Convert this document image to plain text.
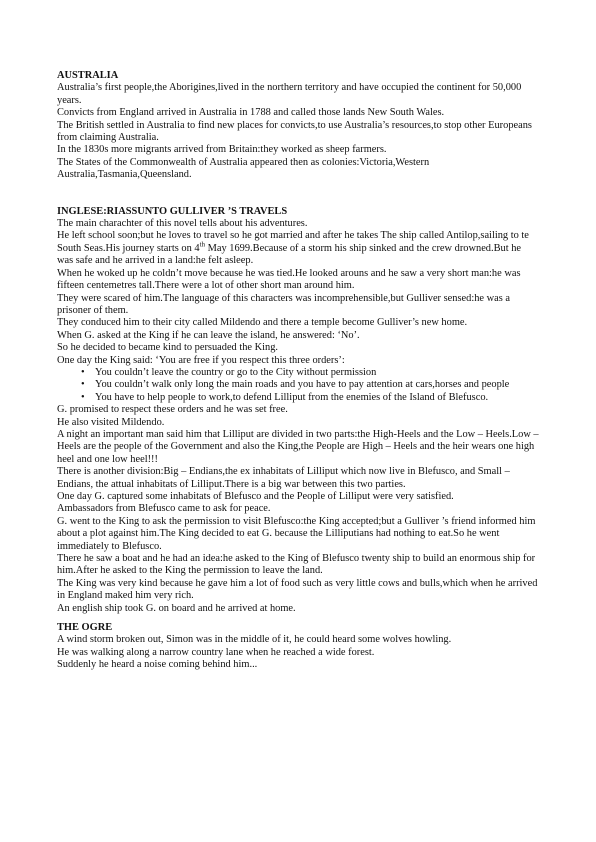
AUSTRALIA

Australia’s first people,the Aborigines,lived in the northern territory and have occupied the continent for 50,000 years.

Convicts from England arrived in Australia in 1788 and called those lands New South Wales.

The British settled in Australia to find new places for convicts,to use Australia’s resources,to stop other Europeans from claiming Australia.

In the 1830s more migrants arrived from Britain:they worked as sheep farmers.

The States of the Commonwealth of Australia appeared then as colonies:Victoria,Western Australia,Tasmania,Queensland.

INGLESE:RIASSUNTO GULLIVER ’S TRAVELS

The main charachter of this novel tells about his adventures.

He left school soon;but he loves to travel so he got married and after he takes The ship called Antilop,sailing to te South Seas.His journey starts on 4th May 1699.Because of a storm his ship sinked and the crew drowned.But he was safe and he arrived in a land:he felt asleep.

When he woked up he coldn’t move because he was tied.He looked arouns and he saw a very short man:he was fifteen centemetres tall.There were a lot of other short man around him.

They were scared of him.The language of this characters was incomprehensible,but Gulliver sensed:he was a prisoner of them.

They conduced him to their city called Mildendo and there a temple become Gulliver’s new home.

When G. asked at the King if he can leave the island, he answered: ‘No’.

So he decided to became kind to persuaded the King.

One day the King said: ‘You are free if you respect this three orders’:

• You couldn’t leave the country or go to the City without permission
• You couldn’t walk only long the main roads and you have to pay attention at cars,horses and people
• You have to help people to work,to defend Lilliput from the enemies of the Island of Blefusco.

G. promised to respect these orders and he was set free.

He also visited Mildendo.

A night an important man said him that Lilliput are divided in two parts:the High-Heels and the Low – Heels.Low – Heels are the people of the Government and also the King,the People are High – Heels and the heir wears one high heel and one low heel!!!

There is another division:Big – Endians,the ex inhabitats of Lilliput which now live in Blefusco, and Small – Endians, the attual inhabitats of Lilliput.There is a big war between this two parties.

One day G. captured some inhabitats of Blefusco and the People of Lilliput were very satisfied.

Ambassadors from Blefusco came to ask for peace.

G. went to the King to ask the permission to visit Blefusco:the King accepted;but a Gulliver ’s friend informed him about a plot against him.The King decided to eat G. because the Lilliputians had nothing to eat.So he went immediately to Blefusco.

There he saw a boat and he had an idea:he asked to the King of Blefusco twenty ship to build an enormous ship for him.After he asked to the King the permission to leave the land.

The King was very kind because he gave him a lot of food such as very little cows and bulls,which when he arrived in England maked him very rich.

An english ship took G. on board and he arrived at home.

THE OGRE

A wind storm broken out, Simon was in the middle of it, he could heard some wolves howling.

He was walking along a narrow country lane when he reached a wide forest.

Suddenly he heard a noise coming behind him...
